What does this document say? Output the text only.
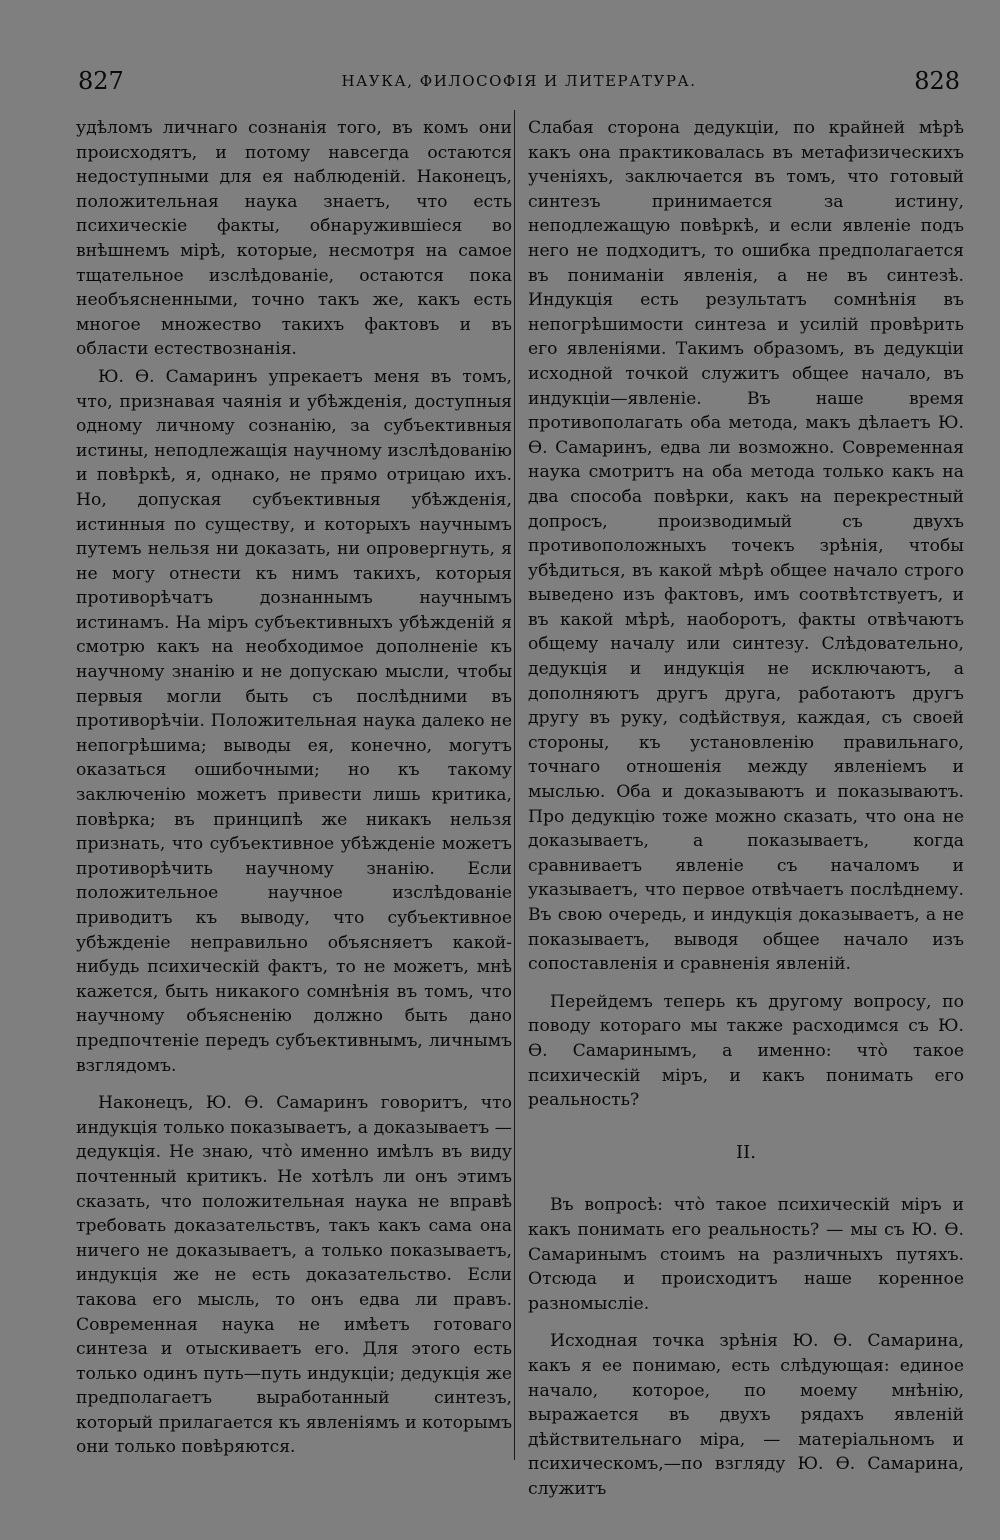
827	НАУКА, ФИЛОСОФІЯ И ЛИТЕРАТУРА.	828

удѣломъ личнаго сознанія того, въ комъ они происходятъ, и потому навсегда остаются недоступными для ея наблюденій. Наконецъ, положительная наука знаетъ, что есть психическіе факты, обнаружившіеся во внѣшнемъ мірѣ, которые, несмотря на самое тщательное изслѣдованіе, остаются пока необъясненными, точно такъ же, какъ есть многое множество такихъ фактовъ и въ области естествознанія.

Ю. Ѳ. Самаринъ упрекаетъ меня въ томъ, что, признавая чаянія и убѣжденія, доступныя одному личному сознанію, за субъективныя истины, неподлежащія научному изслѣдованію и повѣркѣ, я, однако, не прямо отрицаю ихъ. Но, допуская субъективныя убѣжденія, истинныя по существу, и которыхъ научнымъ путемъ нельзя ни доказать, ни опровергнуть, я не могу отнести къ нимъ такихъ, которыя противорѣчатъ дознаннымъ научнымъ истинамъ. На міръ субъективныхъ убѣжденій я смотрю какъ на необходимое дополненіе къ научному знанію и не допускаю мысли, чтобы первыя могли быть съ послѣдними въ противорѣчіи. Положительная наука далеко не непогрѣшима; выводы ея, конечно, могутъ оказаться ошибочными; но къ такому заключенію можетъ привести лишь критика, повѣрка; въ принципѣ же никакъ нельзя признать, что субъективное убѣжденіе можетъ противорѣчить научному знанію. Если положительное научное изслѣдованіе приводитъ къ выводу, что субъективное убѣжденіе неправильно объясняетъ какой-нибудь психическій фактъ, то не можетъ, мнѣ кажется, быть никакого сомнѣнія въ томъ, что научному объясненію должно быть дано предпочтеніе передъ субъективнымъ, личнымъ взглядомъ.

Наконецъ, Ю. Ѳ. Самаринъ говоритъ, что индукція только показываетъ, а доказываетъ —дедукція. Не знаю, что̀ именно имѣлъ въ виду почтенный критикъ. Не хотѣлъ ли онъ этимъ сказать, что положительная наука не вправѣ требовать доказательствъ, такъ какъ сама она ничего не доказываетъ, а только показываетъ, индукція же не есть доказательство. Если такова его мысль, то онъ едва ли правъ. Современная наука не имѣетъ готоваго синтеза и отыскиваетъ его. Для этого есть только одинъ путь—путь индукціи; дедукція же предполагаетъ выработанный синтезъ, который прилагается къ явленіямъ и которымъ они только повѣряются.

Слабая сторона дедукціи, по крайней мѣрѣ какъ она практиковалась въ метафизическихъ ученіяхъ, заключается въ томъ, что готовый синтезъ принимается за истину, неподлежащую повѣркѣ, и если явленіе подъ него не подходитъ, то ошибка предполагается въ пониманіи явленія, а не въ синтезѣ. Индукція есть результатъ сомнѣнія въ непогрѣшимости синтеза и усилій провѣрить его явленіями. Такимъ образомъ, въ дедукціи исходной точкой служитъ общее начало, въ индукціи—явленіе. Въ наше время противополагать оба метода, макъ дѣлаетъ Ю. Ѳ. Самаринъ, едва ли возможно. Современная наука смотритъ на оба метода только какъ на два способа повѣрки, какъ на перекрестный допросъ, производимый съ двухъ противоположныхъ точекъ зрѣнія, чтобы убѣдиться, въ какой мѣрѣ общее начало строго выведено изъ фактовъ, имъ соотвѣтствуетъ, и въ какой мѣрѣ, наоборотъ, факты отвѣчаютъ общему началу или синтезу. Слѣдовательно, дедукція и индукція не исключаютъ, а дополняютъ другъ друга, работаютъ другъ другу въ руку, содѣйствуя, каждая, съ своей стороны, къ установленію правильнаго, точнаго отношенія между явленіемъ и мыслью. Оба и доказываютъ и показываютъ. Про дедукцію тоже можно сказать, что она не доказываетъ, а показываетъ, когда сравниваетъ явленіе съ началомъ и указываетъ, что первое отвѣчаетъ послѣднему. Въ свою очередь, и индукція доказываетъ, а не показываетъ, выводя общее начало изъ сопоставленія и сравненія явленій.

Перейдемъ теперь къ другому вопросу, по поводу котораго мы также расходимся съ Ю. Ѳ. Самаринымъ, а именно: что̀ такое психическій міръ, и какъ понимать его реальность?

II.

Въ вопросѣ: что̀ такое психическій міръ и какъ понимать его реальность? — мы съ Ю. Ѳ. Самаринымъ стоимъ на различныхъ путяхъ. Отсюда и происходитъ наше коренное разномысліе.

Исходная точка зрѣнія Ю. Ѳ. Самарина, какъ я ее понимаю, есть слѣдующая: единое начало, которое, по моему мнѣнію, выражается въ двухъ рядахъ явленій дѣйствительнаго міра, — матеріальномъ и психическомъ,—по взгляду Ю. Ѳ. Самарина, служитъ
